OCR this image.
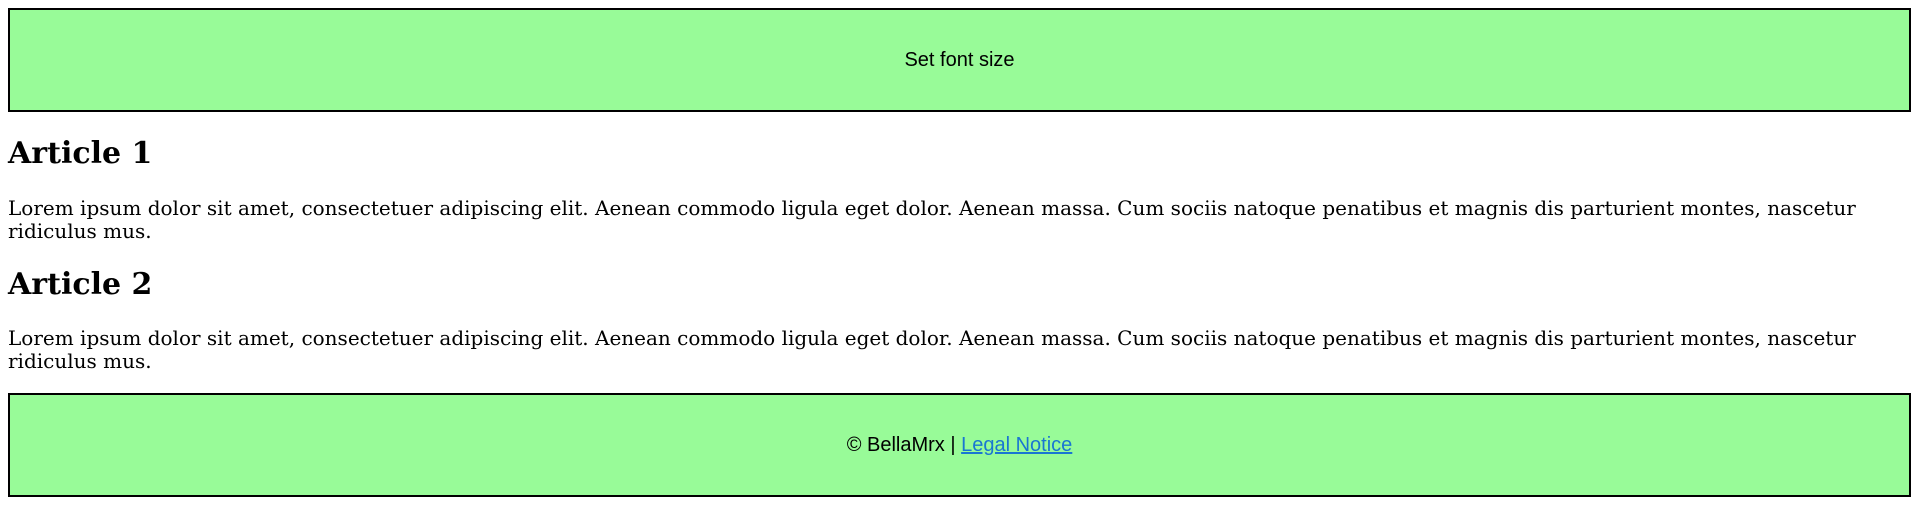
Set font size

Article 1

Lorem ipsum dolor sit amet, consectetuer adipiscing elit. Aenean commodo ligula eget dolor. Aenean massa. Cum sociis natoque penatibus et magnis dis parturient montes, nascetur ridiculus mus.

Article 2

Lorem ipsum dolor sit amet, consectetuer adipiscing elit. Aenean commodo ligula eget dolor. Aenean massa. Cum sociis natoque penatibus et magnis dis parturient montes, nascetur ridiculus mus.

© BellaMrx | Legal Notice
